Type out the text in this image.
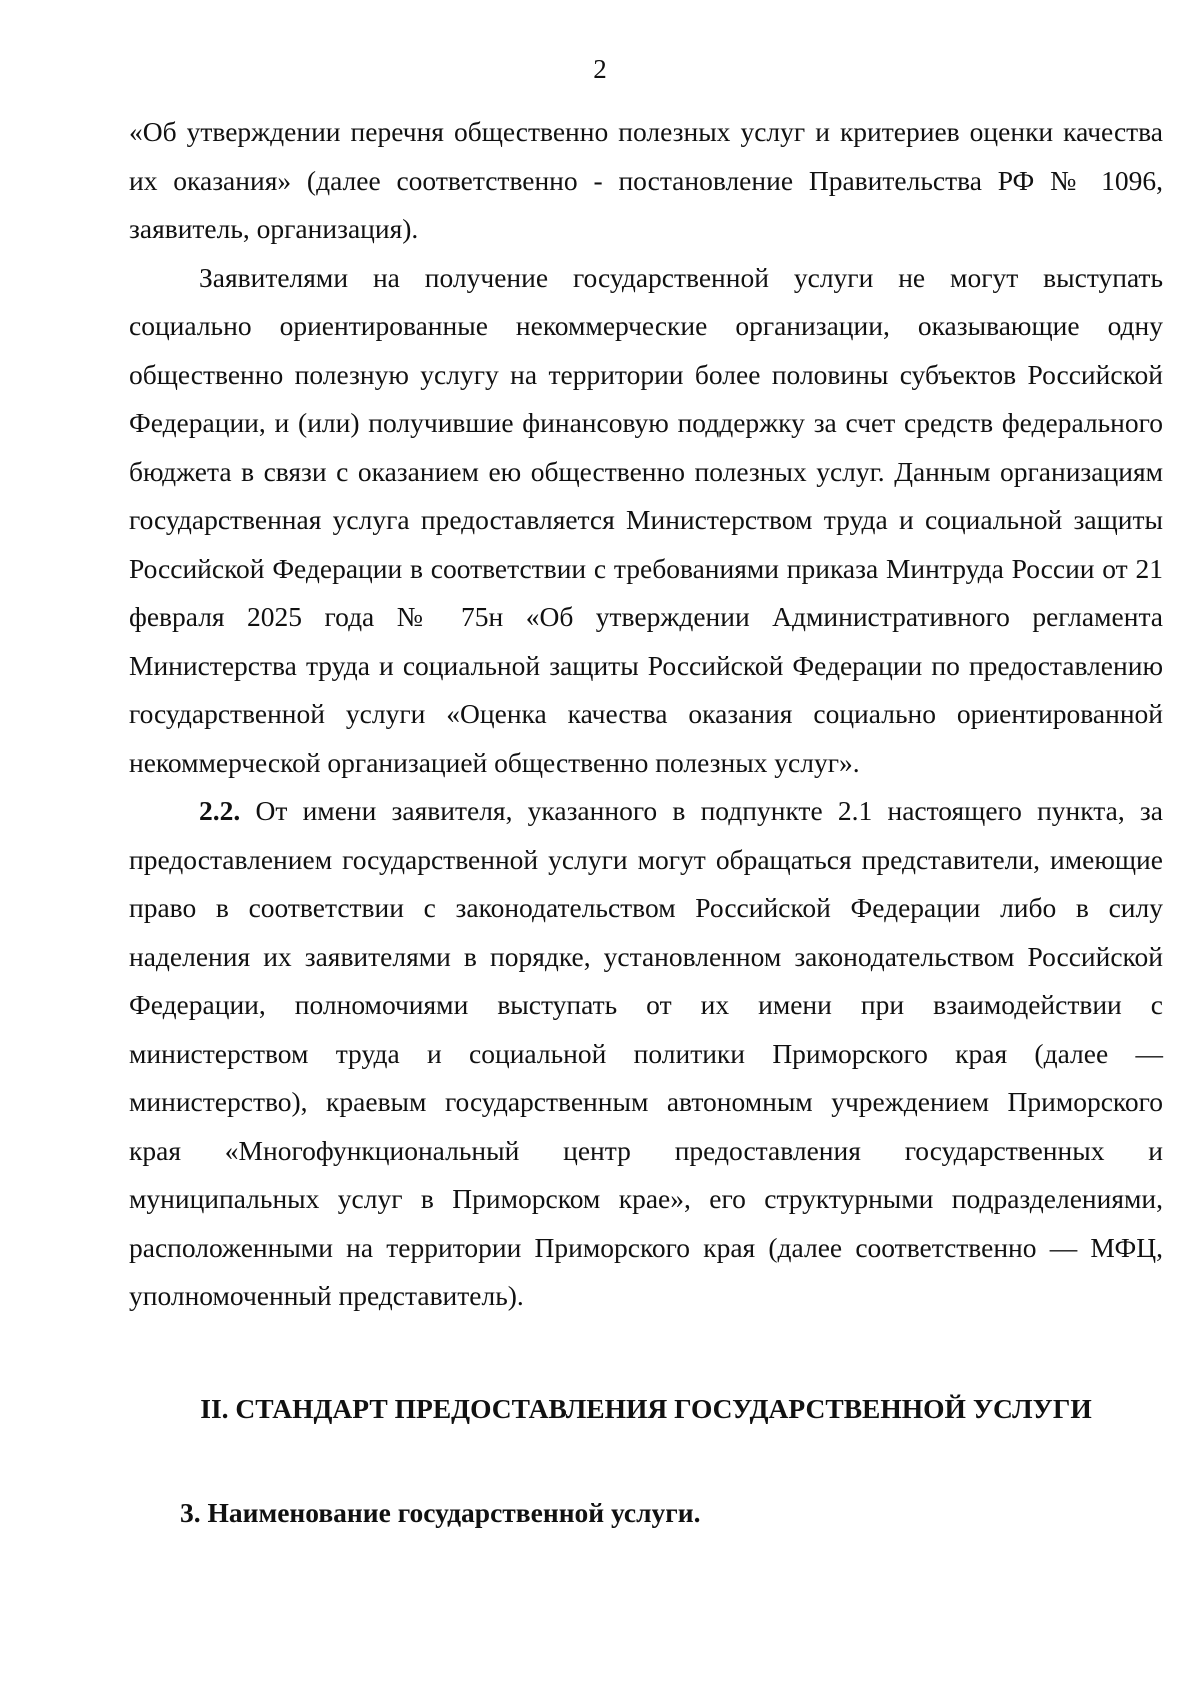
2

«Об утверждении перечня общественно полезных услуг и критериев оценки качества их оказания» (далее соответственно - постановление Правительства РФ № 1096, заявитель, организация).

Заявителями на получение государственной услуги не могут выступать социально ориентированные некоммерческие организации, оказывающие одну общественно полезную услугу на территории более половины субъектов Российской Федерации, и (или) получившие финансовую поддержку за счет средств федерального бюджета в связи с оказанием ею общественно полезных услуг. Данным организациям государственная услуга предоставляется Министерством труда и социальной защиты Российской Федерации в соответствии с требованиями приказа Минтруда России от 21 февраля 2025 года № 75н «Об утверждении Административного регламента Министерства труда и социальной защиты Российской Федерации по предоставлению государственной услуги «Оценка качества оказания социально ориентированной некоммерческой организацией общественно полезных услуг».

2.2. От имени заявителя, указанного в подпункте 2.1 настоящего пункта, за предоставлением государственной услуги могут обращаться представители, имеющие право в соответствии с законодательством Российской Федерации либо в силу наделения их заявителями в порядке, установленном законодательством Российской Федерации, полномочиями выступать от их имени при взаимодействии с министерством труда и социальной политики Приморского края (далее — министерство), краевым государственным автономным учреждением Приморского края «Многофункциональный центр предоставления государственных и муниципальных услуг в Приморском крае», его структурными подразделениями, расположенными на территории Приморского края (далее соответственно — МФЦ, уполномоченный представитель).

II. СТАНДАРТ ПРЕДОСТАВЛЕНИЯ ГОСУДАРСТВЕННОЙ УСЛУГИ
3. Наименование государственной услуги.
